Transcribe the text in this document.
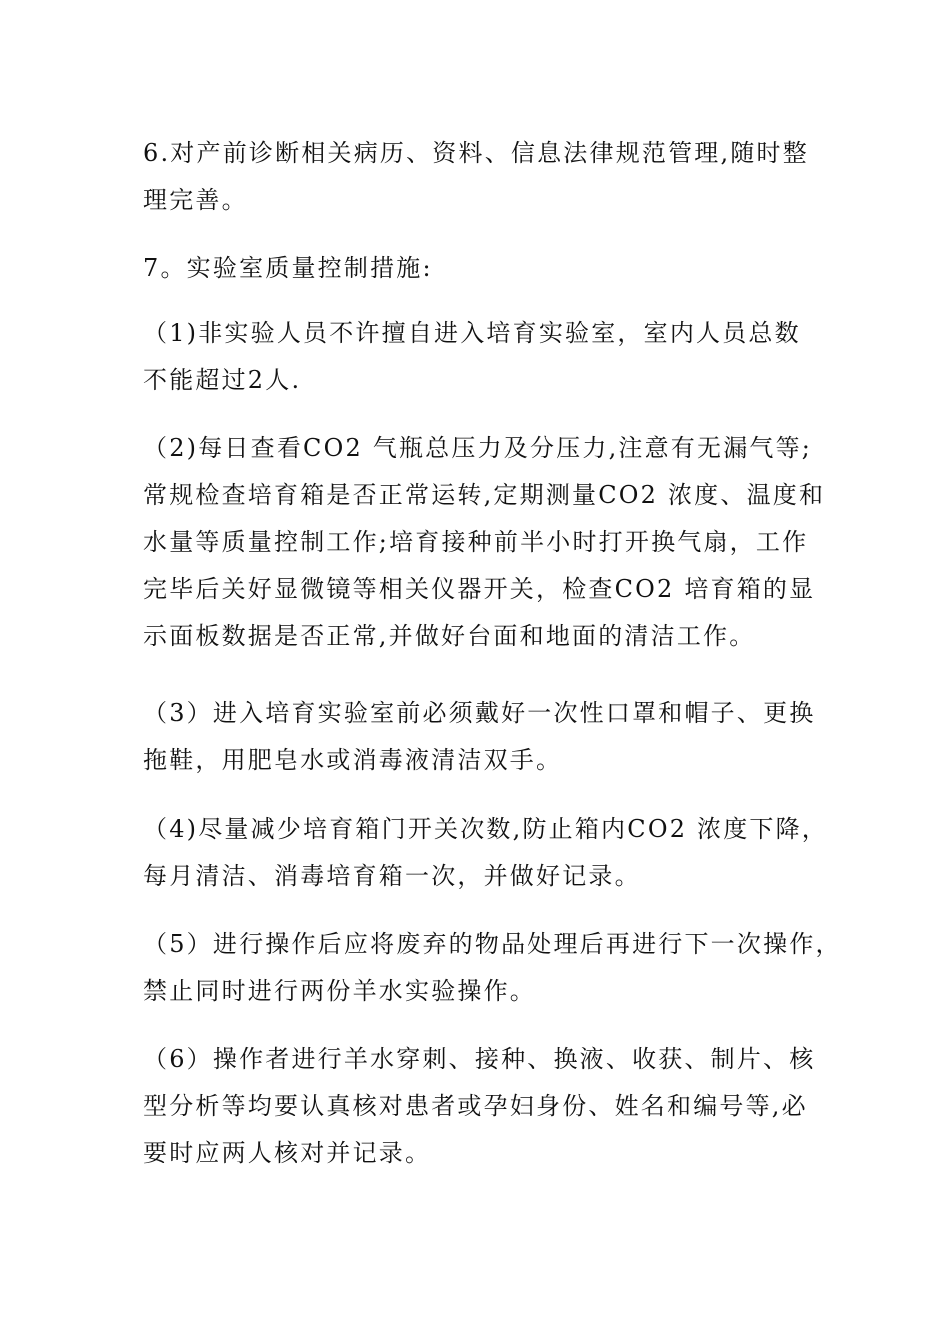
6.对产前诊断相关病历、资料、信息法律规范管理,随时整
理完善。

7。实验室质量控制措施:

（1)非实验人员不许擅自进入培育实验室，室内人员总数
不能超过2人.

（2)每日查看CO2 气瓶总压力及分压力,注意有无漏气等;
常规检查培育箱是否正常运转,定期测量CO2 浓度、温度和
水量等质量控制工作;培育接种前半小时打开换气扇，工作
完毕后关好显微镜等相关仪器开关，检查CO2 培育箱的显
示面板数据是否正常,并做好台面和地面的清洁工作。

（3）进入培育实验室前必须戴好一次性口罩和帽子、更换
拖鞋，用肥皂水或消毒液清洁双手。

（4)尽量减少培育箱门开关次数,防止箱内CO2 浓度下降，
每月清洁、消毒培育箱一次，并做好记录。

（5）进行操作后应将废弃的物品处理后再进行下一次操作，
禁止同时进行两份羊水实验操作。

（6）操作者进行羊水穿刺、接种、换液、收获、制片、核
型分析等均要认真核对患者或孕妇身份、姓名和编号等,必
要时应两人核对并记录。
